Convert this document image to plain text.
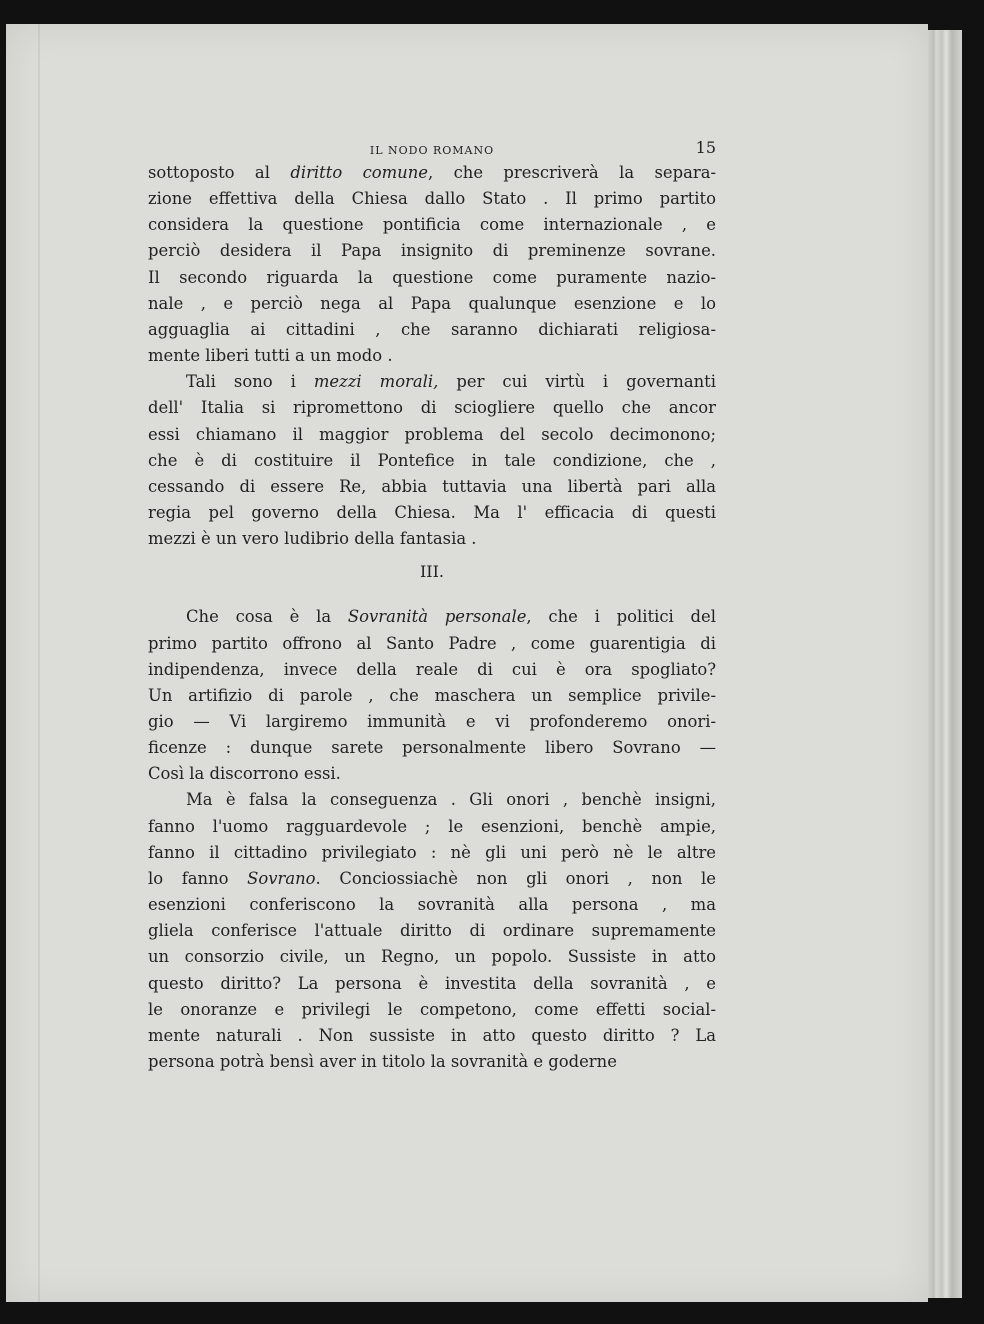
IL NODO ROMANO	15
sottoposto al diritto comune, che prescriverà la separa-
zione effettiva della Chiesa dallo Stato . Il primo partito
considera la questione pontificia come internazionale , e
perciò desidera il Papa insignito di preminenze sovrane.
Il secondo riguarda la questione come puramente nazio-
nale , e perciò nega al Papa qualunque esenzione e lo
agguaglia ai cittadini , che saranno dichiarati religiosa-
mente liberi tutti a un modo .
Tali sono i mezzi morali, per cui virtù i governanti
dell' Italia si ripromettono di sciogliere quello che ancor
essi chiamano il maggior problema del secolo decimonono;
che è di costituire il Pontefice in tale condizione, che ,
cessando di essere Re, abbia tuttavia una libertà pari alla
regia pel governo della Chiesa. Ma l' efficacia di questi
mezzi è un vero ludibrio della fantasia .
III.
Che cosa è la Sovranità personale, che i politici del
primo partito offrono al Santo Padre , come guarentigia di
indipendenza, invece della reale di cui è ora spogliato?
Un artifizio di parole , che maschera un semplice privile-
gio — Vi largiremo immunità e vi profonderemo onori-
ficenze : dunque sarete personalmente libero Sovrano —
Così la discorrono essi.
Ma è falsa la conseguenza . Gli onori , benchè insigni,
fanno l'uomo ragguardevole ; le esenzioni, benchè ampie,
fanno il cittadino privilegiato : nè gli uni però nè le altre
lo fanno Sovrano. Conciossiachè non gli onori , non le
esenzioni conferiscono la sovranità alla persona , ma
gliela conferisce l'attuale diritto di ordinare supremamente
un consorzio civile, un Regno, un popolo. Sussiste in atto
questo diritto? La persona è investita della sovranità , e
le onoranze e privilegi le competono, come effetti social-
mente naturali . Non sussiste in atto questo diritto ? La
persona potrà bensì aver in titolo la sovranità e goderne
